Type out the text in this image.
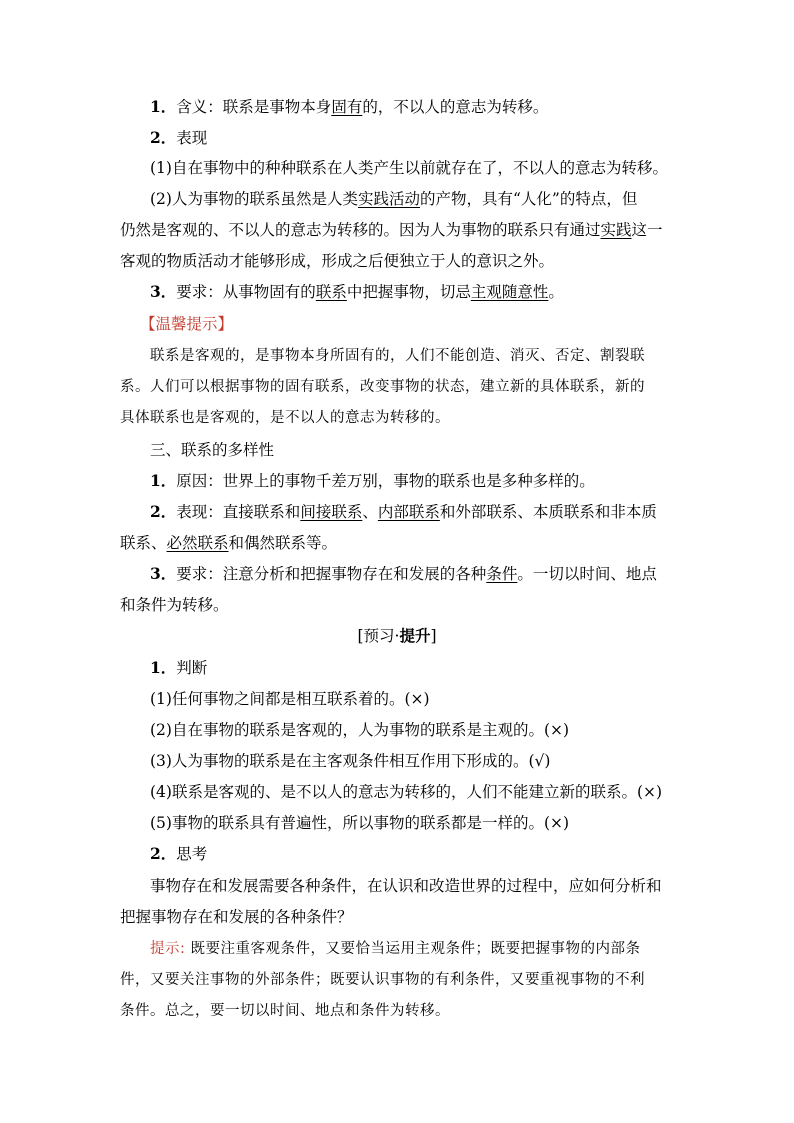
1．含义：联系是事物本身固有的，不以人的意志为转移。
2．表现
(1)自在事物中的种种联系在人类产生以前就存在了，不以人的意志为转移。
(2)人为事物的联系虽然是人类实践活动的产物，具有“人化”的特点，但
仍然是客观的、不以人的意志为转移的。因为人为事物的联系只有通过实践这一
客观的物质活动才能够形成，形成之后便独立于人的意识之外。
3．要求：从事物固有的联系中把握事物，切忌主观随意性。
【温馨提示】
联系是客观的，是事物本身所固有的，人们不能创造、消灭、否定、割裂联
系。人们可以根据事物的固有联系，改变事物的状态，建立新的具体联系，新的
具体联系也是客观的，是不以人的意志为转移的。
三、联系的多样性
1．原因：世界上的事物千差万别，事物的联系也是多种多样的。
2．表现：直接联系和间接联系、内部联系和外部联系、本质联系和非本质
联系、必然联系和偶然联系等。
3．要求：注意分析和把握事物存在和发展的各种条件。一切以时间、地点
和条件为转移。
[预习·提升]
1．判断
(1)任何事物之间都是相互联系着的。(×)
(2)自在事物的联系是客观的，人为事物的联系是主观的。(×)
(3)人为事物的联系是在主客观条件相互作用下形成的。(√)
(4)联系是客观的、是不以人的意志为转移的，人们不能建立新的联系。(×)
(5)事物的联系具有普遍性，所以事物的联系都是一样的。(×)
2．思考
事物存在和发展需要各种条件，在认识和改造世界的过程中，应如何分析和
把握事物存在和发展的各种条件？
提示: 既要注重客观条件，又要恰当运用主观条件；既要把握事物的内部条
件，又要关注事物的外部条件；既要认识事物的有利条件，又要重视事物的不利
条件。总之，要一切以时间、地点和条件为转移。
